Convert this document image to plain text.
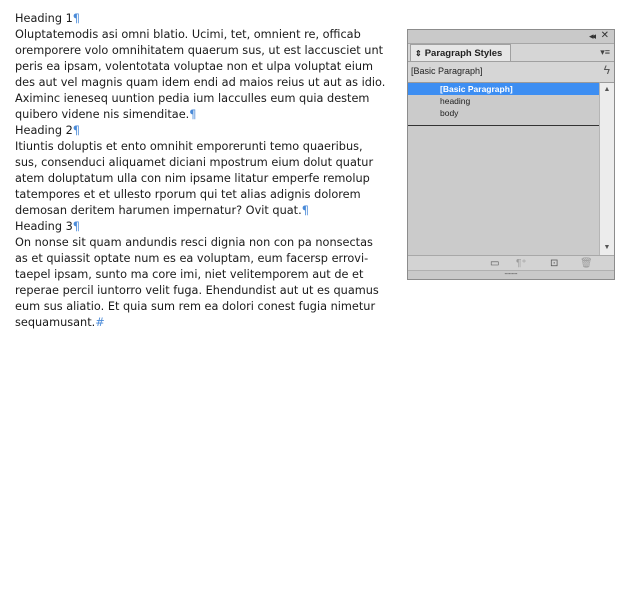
Heading 1¶
Oluptatemodis asi omni blatio. Ucimi, tet, omnient re, officab
oremporere volo omnihitatem quaerum sus, ut est laccusciet unt
peris ea ipsam, volentotata voluptae non et ulpa voluptat eium
des aut vel magnis quam idem endi ad maios reius ut aut as idio.
Aximinc ieneseq uuntion pedia ium lacculles eum quia destem
quibero videne nis simenditae.¶
Heading 2¶
Itiuntis doluptis et ento omnihit emporerunti temo quaeribus,
sus, consenduci aliquamet diciani mpostrum eium dolut quatur
atem doluptatum ulla con nim ipsame litatur emperfe remolup
tatempores et et ullesto rporum qui tet alias adignis dolorem
demosan deritem harumen impernatur? Ovit quat.¶
Heading 3¶
On nonse sit quam andundis resci dignia non con pa nonsectas
as et quiassit optate num es ea voluptam, eum facersp errovi-
taepel ipsam, sunto ma core imi, niet velitemporem aut de et
reperae percil iuntorro velit fuga. Ehendundist aut ut es quamus
eum sus aliatio. Et quia sum rem ea dolori conest fugia nimetur
sequamusant.#
◂◂ ✕
⇕ Paragraph Styles	▾≡
[Basic Paragraph]	ϟ
[Basic Paragraph]
heading
body
▲
▼
▭ ¶⁺ ⊡ 🗑
┅┅┅
